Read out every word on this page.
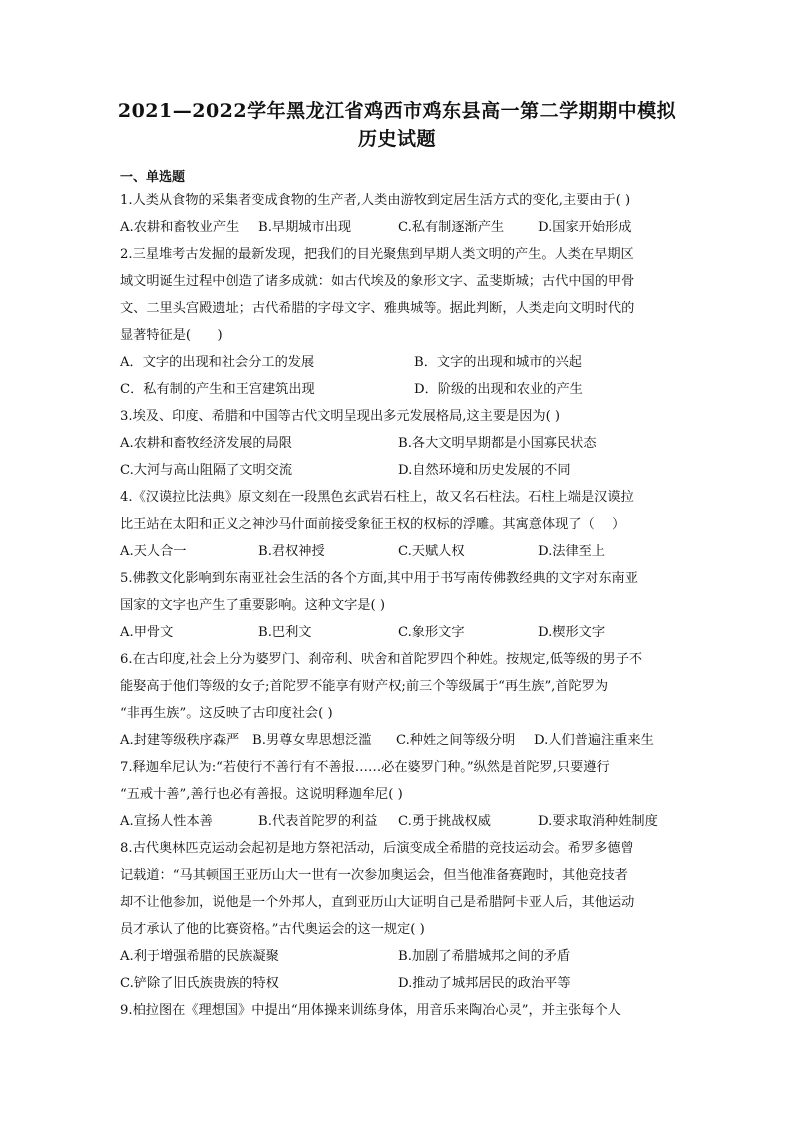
2021—2022学年黑龙江省鸡西市鸡东县高一第二学期期中模拟
历史试题
一、单选题
1.人类从食物的采集者变成食物的生产者,人类由游牧到定居生活方式的变化,主要由于( )
A.农耕和畜牧业产生 B.早期城市出现	C.私有制逐渐产生	D.国家开始形成
2.三星堆考古发掘的最新发现，把我们的目光聚焦到早期人类文明的产生。人类在早期区
域文明诞生过程中创造了诸多成就：如古代埃及的象形文字、孟斐斯城；古代中国的甲骨
文、二里头宫殿遗址；古代希腊的字母文字、雅典城等。据此判断，人类走向文明时代的
显著特征是(　　)
A．文字的出现和社会分工的发展	B．文字的出现和城市的兴起
C．私有制的产生和王宫建筑出现	D．阶级的出现和农业的产生
3.埃及、印度、希腊和中国等古代文明呈现出多元发展格局,这主要是因为( )
A.农耕和畜牧经济发展的局限	B.各大文明早期都是小国寡民状态
C.大河与高山阻隔了文明交流	D.自然环境和历史发展的不同
4.《汉谟拉比法典》原文刻在一段黑色玄武岩石柱上，故又名石柱法。石柱上端是汉谟拉
比王站在太阳和正义之神沙马什面前接受象征王权的权标的浮雕。其寓意体现了（　 ）
A.天人合一	B.君权神授	C.天赋人权	D.法律至上
5.佛教文化影响到东南亚社会生活的各个方面,其中用于书写南传佛教经典的文字对东南亚
国家的文字也产生了重要影响。这种文字是( )
A.甲骨文	B.巴利文	C.象形文字	D.楔形文字
6.在古印度,社会上分为婆罗门、刹帝利、吠舍和首陀罗四个种姓。按规定,低等级的男子不
能娶高于他们等级的女子;首陀罗不能享有财产权;前三个等级属于“再生族”,首陀罗为
“非再生族”。这反映了古印度社会( )
A.封建等级秩序森严 B.男尊女卑思想泛滥 C.种姓之间等级分明 D.人们普遍注重来生
7.释迦牟尼认为:“若使行不善行有不善报……必在婆罗门种。”纵然是首陀罗,只要遵行
“五戒十善”,善行也必有善报。这说明释迦牟尼( )
A.宣扬人性本善	B.代表首陀罗的利益 C.勇于挑战权威	D.要求取消种姓制度
8.古代奥林匹克运动会起初是地方祭祀活动，后演变成全希腊的竞技运动会。希罗多德曾
记载道：“马其顿国王亚历山大一世有一次参加奥运会，但当他准备赛跑时，其他竞技者
却不让他参加，说他是一个外邦人，直到亚历山大证明自己是希腊阿卡亚人后，其他运动
员才承认了他的比赛资格。”古代奥运会的这一规定( )
A.利于增强希腊的民族凝聚	B.加剧了希腊城邦之间的矛盾
C.铲除了旧氏族贵族的特权	D.推动了城邦居民的政治平等
9.柏拉图在《理想国》中提出“用体操来训练身体，用音乐来陶冶心灵”，并主张每个人
